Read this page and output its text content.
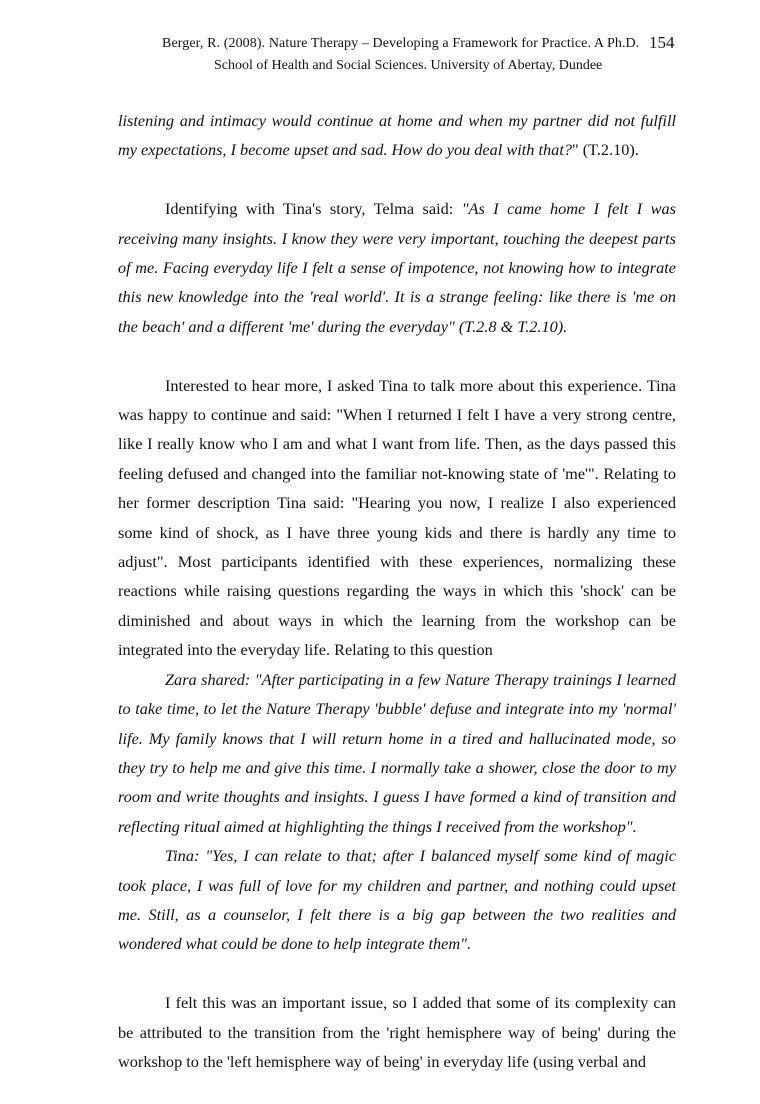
Berger, R. (2008). Nature Therapy – Developing a Framework for Practice. A Ph.D. 154
School of Health and Social Sciences. University of Abertay, Dundee

listening and intimacy would continue at home and when my partner did not fulfill my expectations, I become upset and sad. How do you deal with that?" (T.2.10).

Identifying with Tina's story, Telma said: "As I came home I felt I was receiving many insights. I know they were very important, touching the deepest parts of me. Facing everyday life I felt a sense of impotence, not knowing how to integrate this new knowledge into the 'real world'. It is a strange feeling: like there is 'me on the beach' and a different 'me' during the everyday" (T.2.8 & T.2.10).

Interested to hear more, I asked Tina to talk more about this experience. Tina was happy to continue and said: "When I returned I felt I have a very strong centre, like I really know who I am and what I want from life. Then, as the days passed this feeling defused and changed into the familiar not-knowing state of 'me'". Relating to her former description Tina said: "Hearing you now, I realize I also experienced some kind of shock, as I have three young kids and there is hardly any time to adjust". Most participants identified with these experiences, normalizing these reactions while raising questions regarding the ways in which this 'shock' can be diminished and about ways in which the learning from the workshop can be integrated into the everyday life. Relating to this question

Zara shared: "After participating in a few Nature Therapy trainings I learned to take time, to let the Nature Therapy 'bubble' defuse and integrate into my 'normal' life. My family knows that I will return home in a tired and hallucinated mode, so they try to help me and give this time. I normally take a shower, close the door to my room and write thoughts and insights. I guess I have formed a kind of transition and reflecting ritual aimed at highlighting the things I received from the workshop".

Tina: "Yes, I can relate to that; after I balanced myself some kind of magic took place, I was full of love for my children and partner, and nothing could upset me. Still, as a counselor, I felt there is a big gap between the two realities and wondered what could be done to help integrate them".

I felt this was an important issue, so I added that some of its complexity can be attributed to the transition from the 'right hemisphere way of being' during the workshop to the 'left hemisphere way of being' in everyday life (using verbal and
